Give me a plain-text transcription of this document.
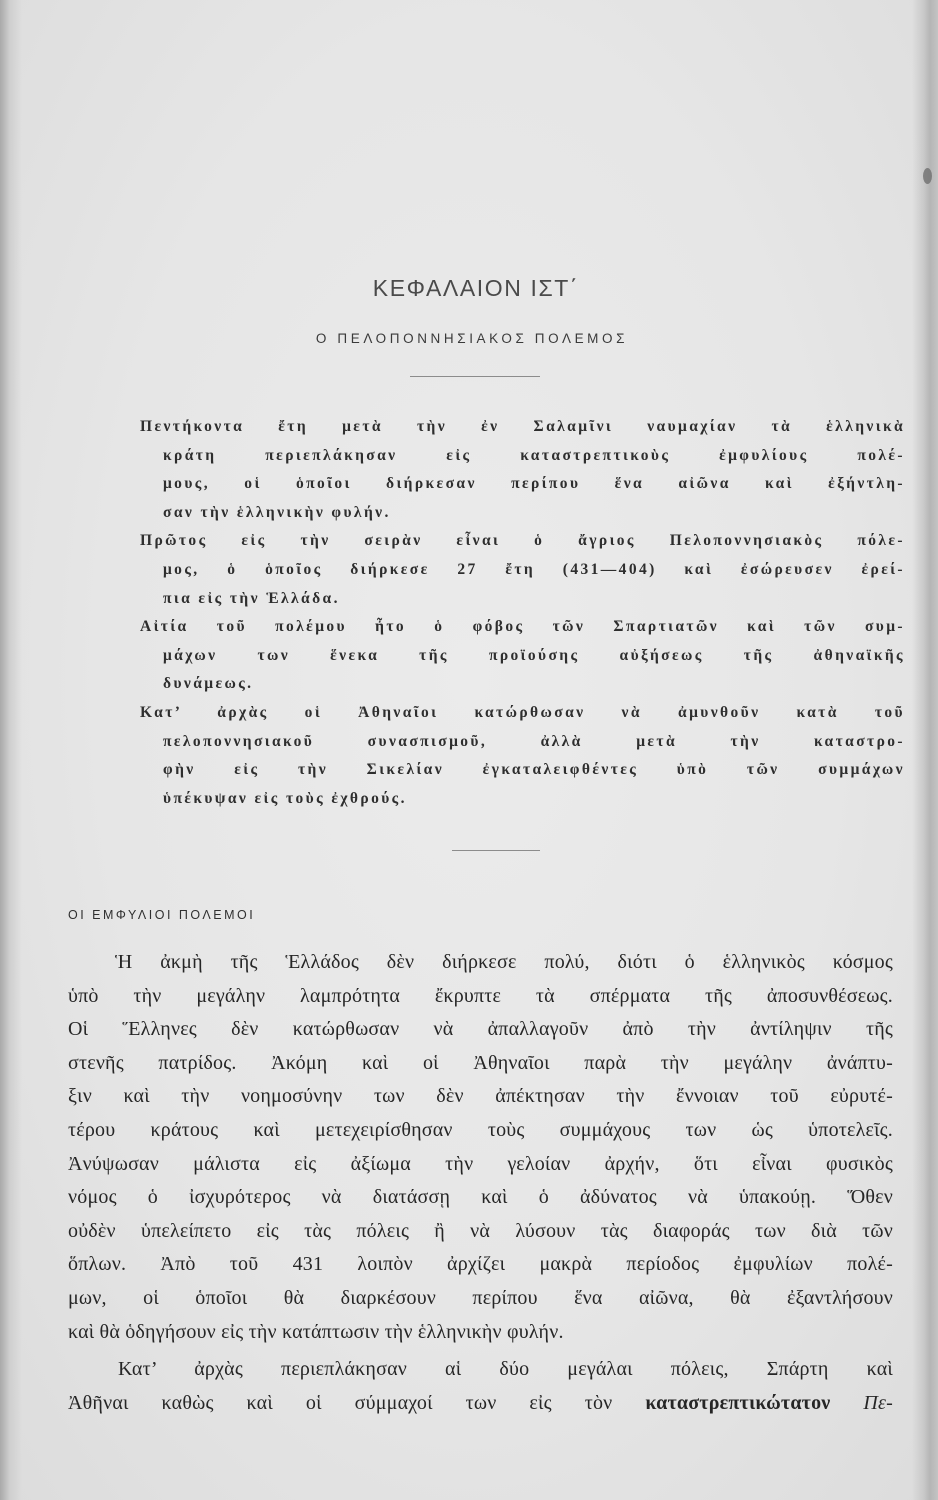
ΚΕΦΑΛΑΙΟΝ ΙΣΤ΄
Ο ΠΕΛΟΠΟΝΝΗΣΙΑΚΟΣ ΠΟΛΕΜΟΣ
Πεντήκοντα ἔτη μετὰ τὴν ἐν Σαλαμῖνι ναυμαχίαν τὰ ἑλληνικὰ
κράτη περιεπλάκησαν εἰς καταστρεπτικοὺς ἐμφυλίους πολέ-
μους, οἱ ὁποῖοι διήρκεσαν περίπου ἕνα αἰῶνα καὶ ἐξήντλη-
σαν τὴν ἑλληνικὴν φυλήν.
Πρῶτος εἰς τὴν σειρὰν εἶναι ὁ ἄγριος Πελοποννησιακὸς πόλε-
μος, ὁ ὁποῖος διήρκεσε 27 ἔτη (431—404) καὶ ἐσώρευσεν ἐρεί-
πια εἰς τὴν Ἑλλάδα.
Αἰτία τοῦ πολέμου ἦτο ὁ φόβος τῶν Σπαρτιατῶν καὶ τῶν συμ-
μάχων των ἕνεκα τῆς προϊούσης αὐξήσεως τῆς ἀθηναϊκῆς
δυνάμεως.
Κατ’ ἀρχὰς οἱ Ἀθηναῖοι κατώρθωσαν νὰ ἀμυνθοῦν κατὰ τοῦ
πελοποννησιακοῦ συνασπισμοῦ, ἀλλὰ μετὰ τὴν καταστρο-
φὴν εἰς τὴν Σικελίαν ἐγκαταλειφθέντες ὑπὸ τῶν συμμάχων
ὑπέκυψαν εἰς τοὺς ἐχθρούς.
ΟΙ ΕΜΦΥΛΙΟΙ ΠΟΛΕΜΟΙ
Ἡ ἀκμὴ τῆς Ἑλλάδος δὲν διήρκεσε πολύ, διότι ὁ ἑλληνικὸς κόσμος
ὑπὸ τὴν μεγάλην λαμπρότητα ἔκρυπτε τὰ σπέρματα τῆς ἀποσυνθέσεως.
Οἱ Ἕλληνες δὲν κατώρθωσαν νὰ ἀπαλλαγοῦν ἀπὸ τὴν ἀντίληψιν τῆς
στενῆς πατρίδος. Ἀκόμη καὶ οἱ Ἀθηναῖοι παρὰ τὴν μεγάλην ἀνάπτυ-
ξιν καὶ τὴν νοημοσύνην των δὲν ἀπέκτησαν τὴν ἔννοιαν τοῦ εὐρυτέ-
τέρου κράτους καὶ μετεχειρίσθησαν τοὺς συμμάχους των ὡς ὑποτελεῖς.
Ἀνύψωσαν μάλιστα εἰς ἀξίωμα τὴν γελοίαν ἀρχήν, ὅτι εἶναι φυσικὸς
νόμος ὁ ἰσχυρότερος νὰ διατάσσῃ καὶ ὁ ἀδύνατος νὰ ὑπακούῃ. Ὅθεν
οὐδὲν ὑπελείπετο εἰς τὰς πόλεις ἢ νὰ λύσουν τὰς διαφοράς των διὰ τῶν
ὅπλων. Ἀπὸ τοῦ 431 λοιπὸν ἀρχίζει μακρὰ περίοδος ἐμφυλίων πολέ-
μων, οἱ ὁποῖοι θὰ διαρκέσουν περίπου ἕνα αἰῶνα, θὰ ἐξαντλήσουν
καὶ θὰ ὁδηγήσουν εἰς τὴν κατάπτωσιν τὴν ἑλληνικὴν φυλήν.
Κατ’ ἀρχὰς περιεπλάκησαν αἱ δύο μεγάλαι πόλεις, Σπάρτη καὶ
Ἀθῆναι καθὼς καὶ οἱ σύμμαχοί των εἰς τὸν καταστρεπτικώτατον Πε-
